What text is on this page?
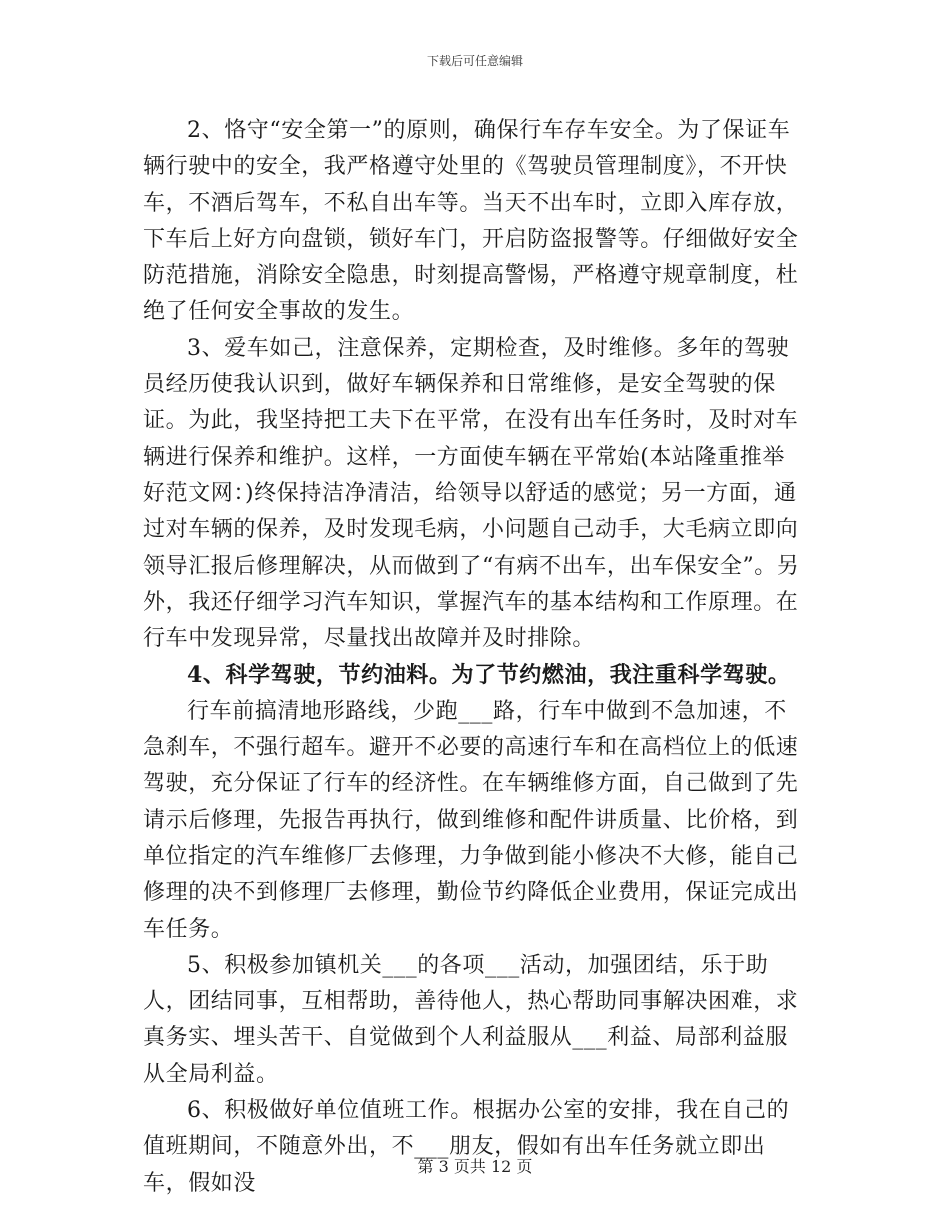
下载后可任意编辑

2、恪守“安全第一”的原则，确保行车存车安全。为了保证车辆行驶中的安全，我严格遵守处里的《驾驶员管理制度》，不开快车，不酒后驾车，不私自出车等。当天不出车时，立即入库存放，下车后上好方向盘锁，锁好车门，开启防盗报警等。仔细做好安全防范措施，消除安全隐患，时刻提高警惕，严格遵守规章制度，杜绝了任何安全事故的发生。

3、爱车如己，注意保养，定期检查，及时维修。多年的驾驶员经历使我认识到，做好车辆保养和日常维修，是安全驾驶的保证。为此，我坚持把工夫下在平常，在没有出车任务时，及时对车辆进行保养和维护。这样，一方面使车辆在平常始(本站隆重推举好范文网：)终保持洁净清洁，给领导以舒适的感觉；另一方面，通过对车辆的保养，及时发现毛病，小问题自己动手，大毛病立即向领导汇报后修理解决，从而做到了“有病不出车，出车保安全”。另外，我还仔细学习汽车知识，掌握汽车的基本结构和工作原理。在行车中发现异常，尽量找出故障并及时排除。

4、科学驾驶，节约油料。为了节约燃油，我注重科学驾驶。

行车前搞清地形路线，少跑___路，行车中做到不急加速，不急刹车，不强行超车。避开不必要的高速行车和在高档位上的低速驾驶，充分保证了行车的经济性。在车辆维修方面，自己做到了先请示后修理，先报告再执行，做到维修和配件讲质量、比价格，到单位指定的汽车维修厂去修理，力争做到能小修决不大修，能自己修理的决不到修理厂去修理，勤俭节约降低企业费用，保证完成出车任务。

5、积极参加镇机关___的各项___活动，加强团结，乐于助人，团结同事，互相帮助，善待他人，热心帮助同事解决困难，求真务实、埋头苦干、自觉做到个人利益服从___利益、局部利益服从全局利益。

6、积极做好单位值班工作。根据办公室的安排，我在自己的值班期间，不随意外出，不___朋友，假如有出车任务就立即出车，假如没

第 3 页共 12 页
